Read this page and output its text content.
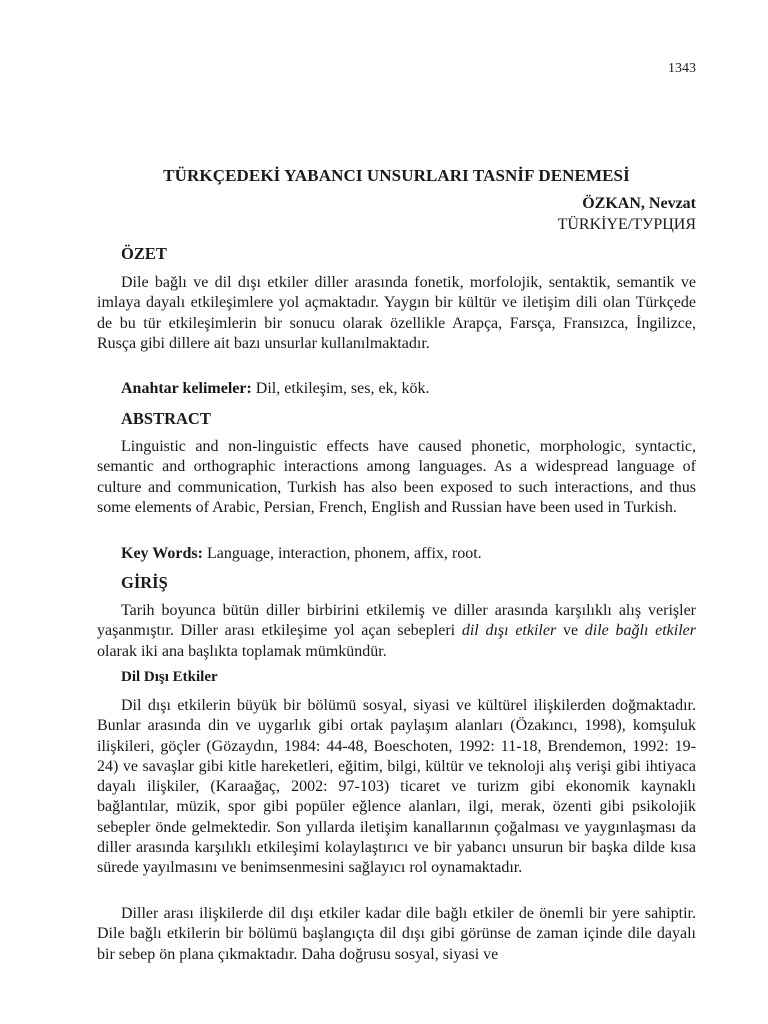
1343
TÜRKÇEDEKİ YABANCI UNSURLARI TASNİF DENEMESİ
ÖZKAN, Nevzat
TÜRKİYE/ТУРЦИЯ
ÖZET

Dile bağlı ve dil dışı etkiler diller arasında fonetik, morfolojik, sentaktik, semantik ve imlaya dayalı etkileşimlere yol açmaktadır. Yaygın bir kültür ve iletişim dili olan Türkçede de bu tür etkileşimlerin bir sonucu olarak özellikle Arapça, Farsça, Fransızca, İngilizce, Rusça gibi dillere ait bazı unsurlar kullanılmaktadır.

Anahtar kelimeler: Dil, etkileşim, ses, ek, kök.

ABSTRACT

Linguistic and non-linguistic effects have caused phonetic, morphologic, syntactic, semantic and orthographic interactions among languages. As a widespread language of culture and communication, Turkish has also been exposed to such interactions, and thus some elements of Arabic, Persian, French, English and Russian have been used in Turkish.

Key Words: Language, interaction, phonem, affix, root.

GİRİŞ

Tarih boyunca bütün diller birbirini etkilemiş ve diller arasında karşılıklı alış verişler yaşanmıştır. Diller arası etkileşime yol açan sebepleri dil dışı etkiler ve dile bağlı etkiler olarak iki ana başlıkta toplamak mümkündür.

Dil Dışı Etkiler

Dil dışı etkilerin büyük bir bölümü sosyal, siyasi ve kültürel ilişkilerden doğmaktadır. Bunlar arasında din ve uygarlık gibi ortak paylaşım alanları (Özakıncı, 1998), komşuluk ilişkileri, göçler (Gözaydın, 1984: 44-48, Boeschoten, 1992: 11-18, Brendemon, 1992: 19-24) ve savaşlar gibi kitle hareketleri, eğitim, bilgi, kültür ve teknoloji alış verişi gibi ihtiyaca dayalı ilişkiler, (Karaağaç, 2002: 97-103) ticaret ve turizm gibi ekonomik kaynaklı bağlantılar, müzik, spor gibi popüler eğlence alanları, ilgi, merak, özenti gibi psikolojik sebepler önde gelmektedir. Son yıllarda iletişim kanallarının çoğalması ve yaygınlaşması da diller arasında karşılıklı etkileşimi kolaylaştırıcı ve bir yabancı unsurun bir başka dilde kısa sürede yayılmasını ve benimsenmesini sağlayıcı rol oynamaktadır.

Diller arası ilişkilerde dil dışı etkiler kadar dile bağlı etkiler de önemli bir yere sahiptir. Dile bağlı etkilerin bir bölümü başlangıçta dil dışı gibi görünse de zaman içinde dile dayalı bir sebep ön plana çıkmaktadır. Daha doğrusu sosyal, siyasi ve
